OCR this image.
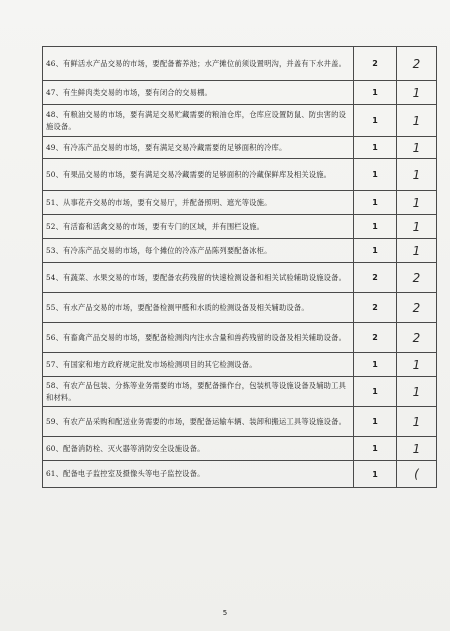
46、有鲜活水产品交易的市场，要配备蓄养池；水产摊位前须设置明沟，并盖有下水井盖。	2	2
47、有生鲜肉类交易的市场，要有闭合的交易棚。	1	1
48、有粮油交易的市场，要有满足交易贮藏需要的粮油仓库，仓库应设置防鼠、防虫害的设施设备。	1	1
49、有冷冻产品交易的市场，要有满足交易冷藏需要的足够面积的冷库。	1	1
50、有果品交易的市场，要有满足交易冷藏需要的足够面积的冷藏保鲜库及相关设施。	1	1
51、从事花卉交易的市场，要有交易厅，并配备照明、遮光等设施。	1	1
52、有活畜和活禽交易的市场，要有专门的区域，并有围栏设施。	1	1
53、有冷冻产品交易的市场，每个摊位的冷冻产品陈列要配备冰柜。	1	1
54、有蔬菜、水果交易的市场，要配备农药残留的快速检测设备和相关试验辅助设施设备。	2	2
55、有水产品交易的市场，要配备检测甲醛和水质的检测设备及相关辅助设备。	2	2
56、有畜禽产品交易的市场，要配备检测肉内注水含量和兽药残留的设备及相关辅助设备。	2	2
57、有国家和地方政府规定批发市场检测项目的其它检测设备。	1	1
58、有农产品包装、分拣等业务需要的市场，要配备操作台，包装机等设施设备及辅助工具和材料。	1	1
59、有农产品采购和配送业务需要的市场，要配备运输车辆、装卸和搬运工具等设施设备。	1	1
60、配备消防栓、灭火器等消防安全设施设备。	1	1
61、配备电子监控室及摄像头等电子监控设备。	1	(
5
